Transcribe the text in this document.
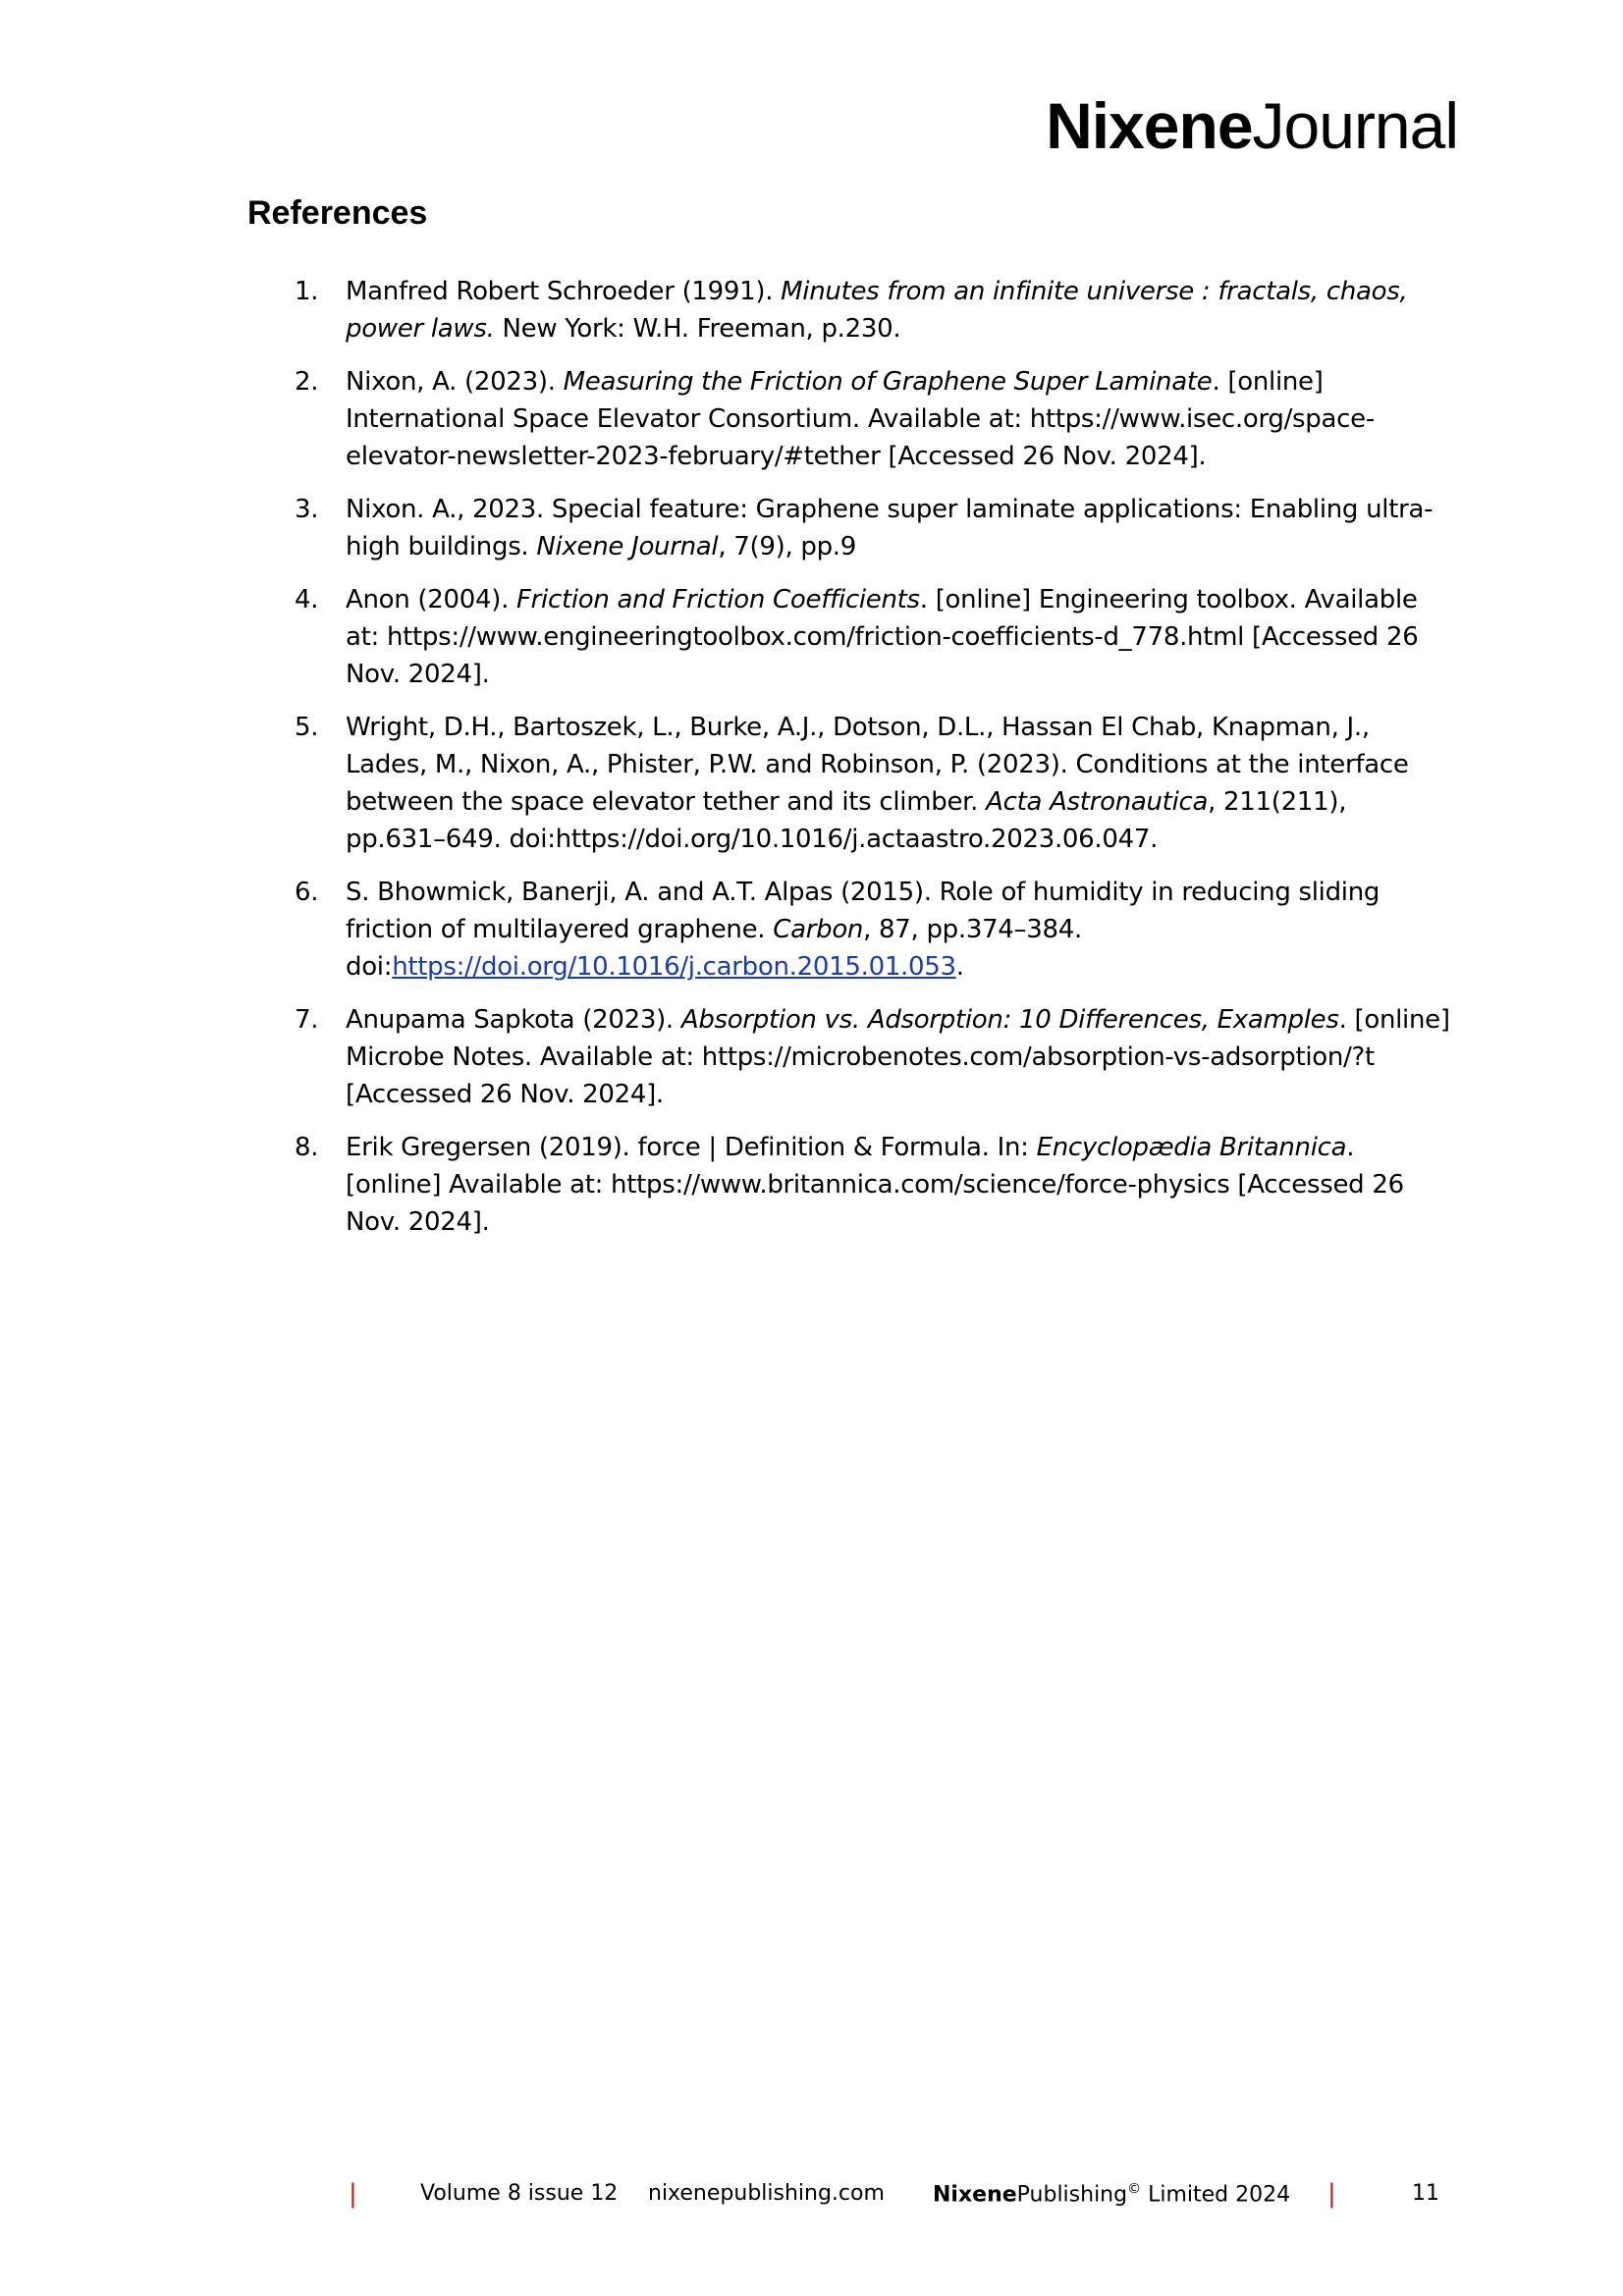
NixeneJournal
References
1. Manfred Robert Schroeder (1991). Minutes from an infinite universe : fractals, chaos, power laws. New York: W.H. Freeman, p.230.
2. Nixon, A. (2023). Measuring the Friction of Graphene Super Laminate. [online] International Space Elevator Consortium. Available at: https://www.isec.org/space-elevator-newsletter-2023-february/#tether [Accessed 26 Nov. 2024].
3. Nixon. A., 2023. Special feature: Graphene super laminate applications: Enabling ultra-high buildings. Nixene Journal, 7(9), pp.9
4. Anon (2004). Friction and Friction Coefficients. [online] Engineering toolbox. Available at: https://www.engineeringtoolbox.com/friction-coefficients-d_778.html [Accessed 26 Nov. 2024].
5. Wright, D.H., Bartoszek, L., Burke, A.J., Dotson, D.L., Hassan El Chab, Knapman, J., Lades, M., Nixon, A., Phister, P.W. and Robinson, P. (2023). Conditions at the interface between the space elevator tether and its climber. Acta Astronautica, 211(211), pp.631–649. doi:https://doi.org/10.1016/j.actaastro.2023.06.047.
6. S. Bhowmick, Banerji, A. and A.T. Alpas (2015). Role of humidity in reducing sliding friction of multilayered graphene. Carbon, 87, pp.374–384. doi:https://doi.org/10.1016/j.carbon.2015.01.053.
7. Anupama Sapkota (2023). Absorption vs. Adsorption: 10 Differences, Examples. [online] Microbe Notes. Available at: https://microbenotes.com/absorption-vs-adsorption/?t [Accessed 26 Nov. 2024].
8. Erik Gregersen (2019). force | Definition & Formula. In: Encyclopædia Britannica. [online] Available at: https://www.britannica.com/science/force-physics [Accessed 26 Nov. 2024].
|	Volume 8 issue 12 nixenepublishing.com NixenePublishing© Limited 2024 |	11
